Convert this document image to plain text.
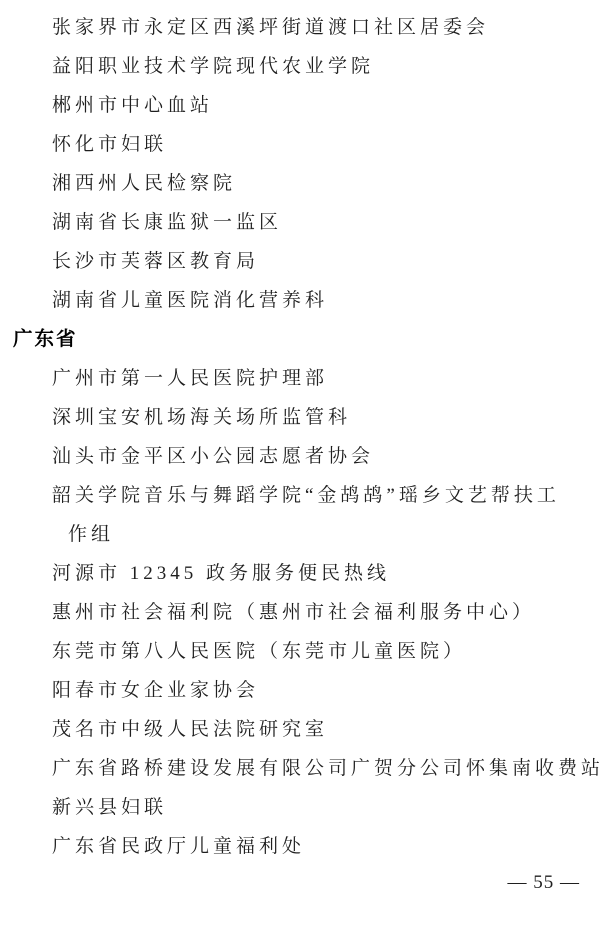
张家界市永定区西溪坪街道渡口社区居委会
益阳职业技术学院现代农业学院
郴州市中心血站
怀化市妇联
湘西州人民检察院
湖南省长康监狱一监区
长沙市芙蓉区教育局
湖南省儿童医院消化营养科
广东省
广州市第一人民医院护理部
深圳宝安机场海关场所监管科
汕头市金平区小公园志愿者协会
韶关学院音乐与舞蹈学院“金鸪鸪”瑶乡文艺帮扶工
作组
河源市 12345 政务服务便民热线
惠州市社会福利院（惠州市社会福利服务中心）
东莞市第八人民医院（东莞市儿童医院）
阳春市女企业家协会
茂名市中级人民法院研究室
广东省路桥建设发展有限公司广贺分公司怀集南收费站
新兴县妇联
广东省民政厅儿童福利处
— 55 —
